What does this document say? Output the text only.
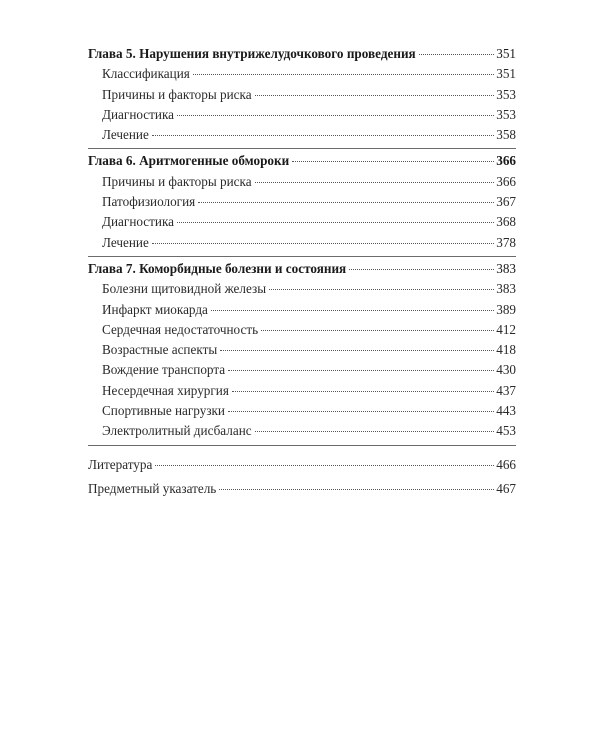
Глава 5. Нарушения внутрижелудочкового проведения	351
Классификация	351
Причины и факторы риска	353
Диагностика	353
Лечение	358
Глава 6. Аритмогенные обмороки	366
Причины и факторы риска	366
Патофизиология	367
Диагностика	368
Лечение	378
Глава 7. Коморбидные болезни и состояния	383
Болезни щитовидной железы	383
Инфаркт миокарда	389
Сердечная недостаточность	412
Возрастные аспекты	418
Вождение транспорта	430
Несердечная хирургия	437
Спортивные нагрузки	443
Электролитный дисбаланс	453
Литература	466
Предметный указатель	467
